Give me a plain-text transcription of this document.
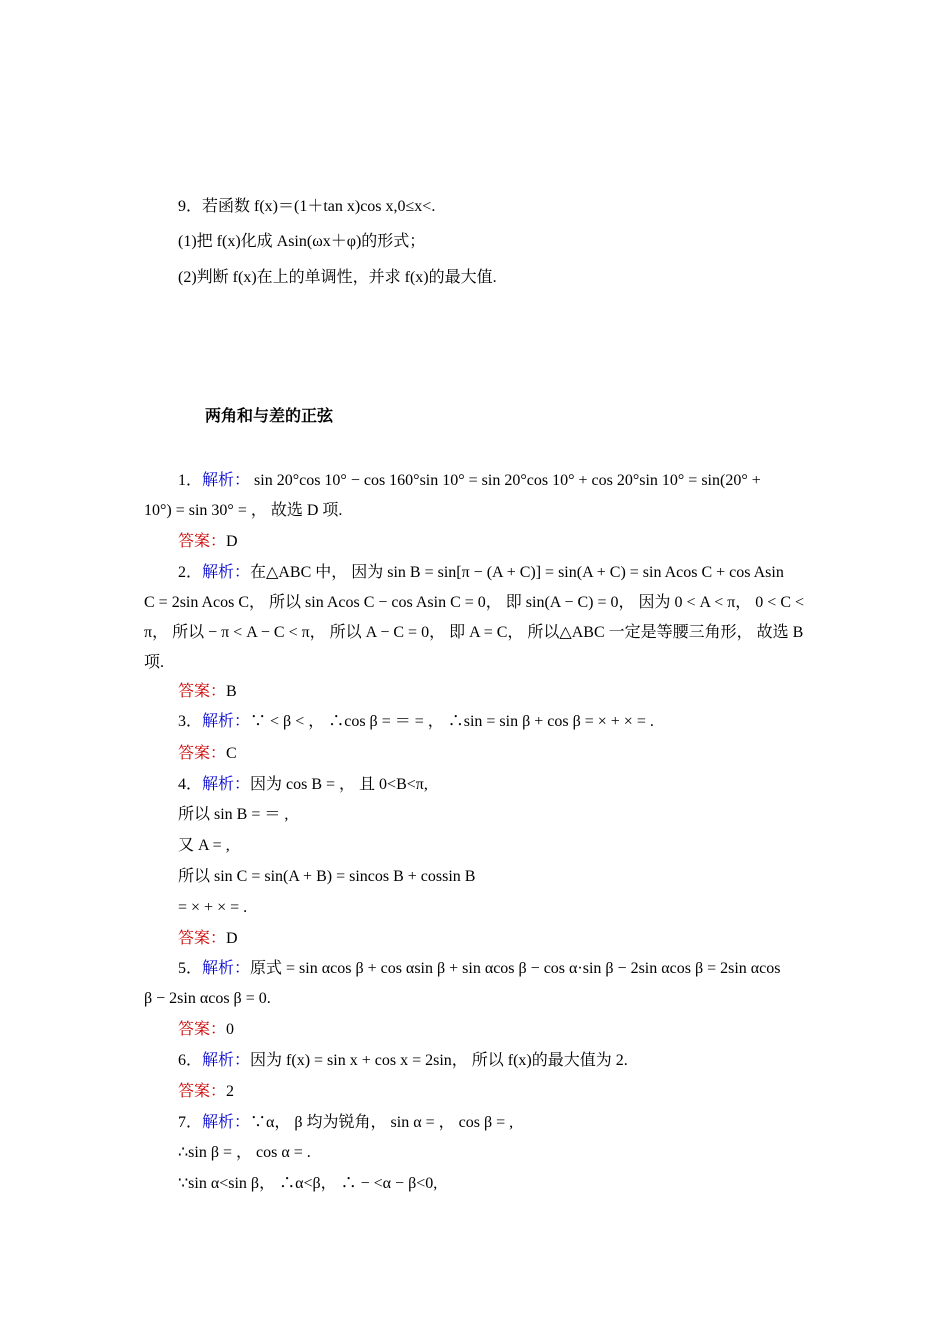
9．若函数 f(x)＝(1＋tan x)cos x,0≤x<.
(1)把 f(x)化成 Asin(ωx＋φ)的形式；
(2)判断 f(x)在上的单调性，并求 f(x)的最大值.
两角和与差的正弦
1．解析： sin 20°cos 10° − cos 160°sin 10° = sin 20°cos 10° + cos 20°sin 10° = sin(20° +
10°) = sin 30° = ， 故选 D 项.
答案：D
2．解析：在△ABC 中， 因为 sin B = sin[π − (A + C)] = sin(A + C) = sin Acos C + cos Asin
C = 2sin Acos C， 所以 sin Acos C − cos Asin C = 0， 即 sin(A − C) = 0， 因为 0 < A < π， 0 < C <
π， 所以 − π < A − C < π， 所以 A − C = 0， 即 A = C， 所以△ABC 一定是等腰三角形， 故选 B
项.
答案：B
3．解析：∵ < β < ， ∴cos β = ＝ = ， ∴sin = sin β + cos β = × + × = .
答案：C
4．解析：因为 cos B = ， 且 0<B<π,
所以 sin B = ＝ ,
又 A = ,
所以 sin C = sin(A + B) = sincos B + cossin B
= × + × = .
答案：D
5．解析：原式 = sin αcos β + cos αsin β + sin αcos β − cos α·sin β − 2sin αcos β = 2sin αcos
β − 2sin αcos β = 0.
答案：0
6．解析：因为 f(x) = sin x + cos x = 2sin， 所以 f(x)的最大值为 2.
答案：2
7．解析：∵α， β 均为锐角， sin α = ， cos β = ,
∴sin β = ， cos α = .
∵sin α<sin β， ∴α<β， ∴ − <α − β<0,
